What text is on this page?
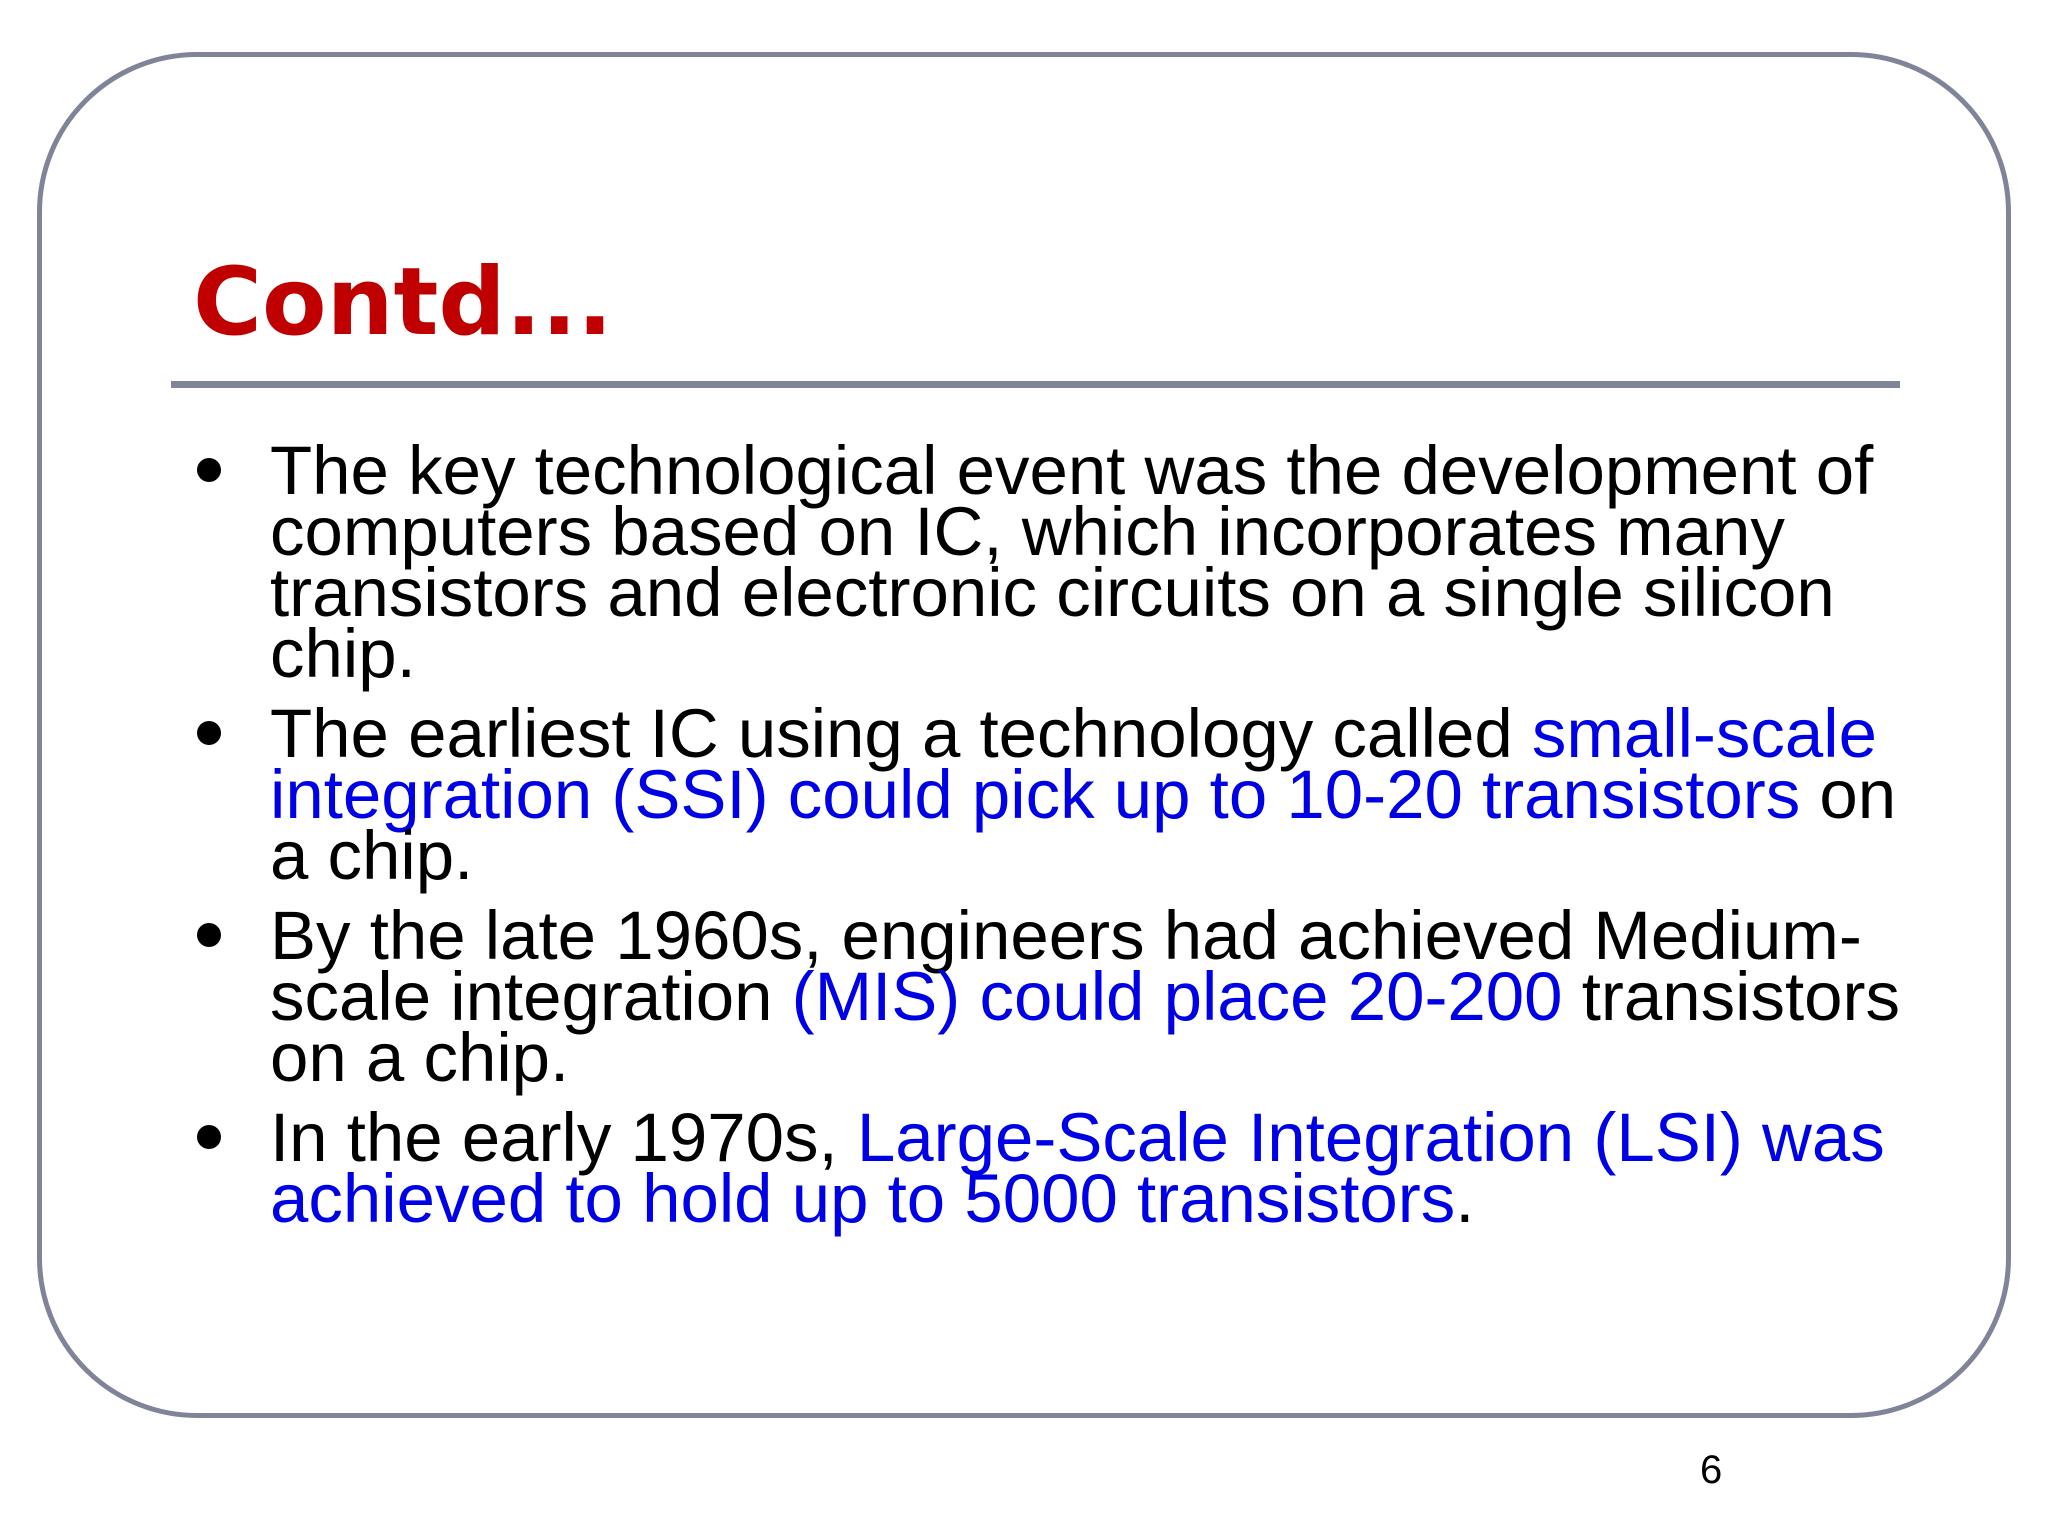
Contd...
The key technological event was the development of computers based on IC, which incorporates many transistors and electronic circuits on a single silicon chip.
The earliest IC using a technology called small-scale integration (SSI) could pick up to 10-20 transistors on a chip.
By the late 1960s, engineers had achieved Medium-scale integration (MIS) could place 20-200 transistors on a chip.
In the early 1970s, Large-Scale Integration (LSI) was achieved to hold up to 5000 transistors.
6
